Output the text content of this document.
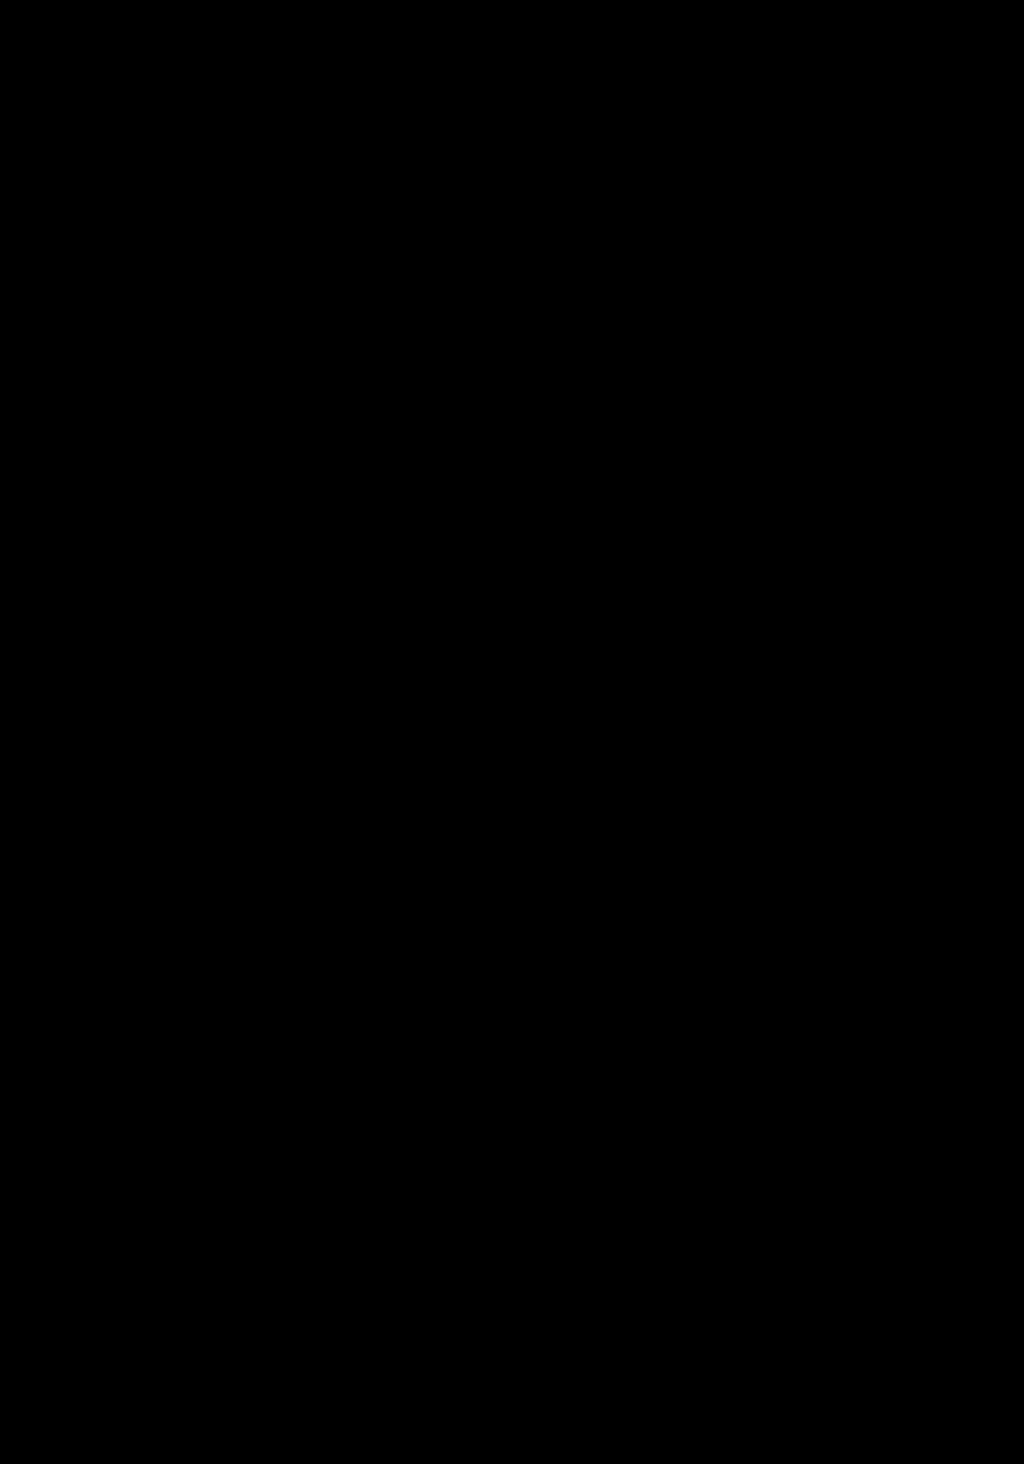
4.1.δ Αντιμετώπιση

Η αντιμετώπιση περιλαμβάνει τη χρήση θεραπευτικών πρωτοκόλλων που καθορίζουν λεπτομερώς το βάθος και τη διάρκεια κάθε σχήματος ανάλογα με την αξιολόγηση των περιστατικών και της πορείας του.

Υπάρχουν βασικά τρεις κατηγορίες θεραπευτικών πρωτοκόλλων. Αυτά που χρησιμοποιούν αέρα, οι πίνακες 02 και οι πίνακες με μίγματα Ν2 Ο2 - He Ο2 κλπ. Ύστερα με βάση αυτά τα θεραπευτικά πρωτόκολλα γίνεται επανασυμπίεση σε καθορισμένο βάθος, ανάλογα με τα συμπτώματα της νόσου και ακολουθεί προγραμματισμένη ελάττωση της πίεσης, ώστε να γίνει προοδευτική αποβολή του αζώτου από το αίμα.

Έχει διαπιστωθεί όμως αξιοσημείωτη αύξηση της ενδοοφθαλμικής πίεσης, ασθενών με ενδοοφθαλμικές φυσαλίδες σαν αποτέλεσμα έκθεσής τους σε υπερβαρικό περιβάλλον. Γι αυτό το λόγο δεν συνιστάται η αντιμετώπισή τους με υπερβαρική θεραπεία.

Η σωτηρία είναι σχεδόν βέβαιη όταν η θεραπεία γίνει σωστά μέσα στο θάλαμο. Η ταχύτητα μεταφοράς του ασθενούς αποτελεί αναμφισβήτητα τον αποφασιστικότερο παράγοντα. Κατά τη μεταφορά ο ασθενής θα πρέπει να μείνει κατακεκλισμένος στην αριστερή πλευρά και θέση ανάτροπο, ώστε ο αέρας που παραμένει στην κυκλοφορία να παγιδευτεί στην κορυφή της αριστερής ή δεξιάς κοιλίας και να απορροφηθεί. Ιδιαίτερη προσοχή απαιτεί η μεταφορά ασθενούς με ελικόπτερο η οποία δεν πρέπει να ξεπερνά τα 300μ. ύψος για να μην επιδεινωθεί η κατάσταση με περαιτέρω διαστολή των φυσαλίδων, λόγω υποβαρικού περιβάλλοντος.

4.1.ε Προφύλαξη, προληπτική αποσυμπίεση

Η άγνοια και αδιαφορία για σχολαστική τήρηση των προφυλακτικών μέτρων εναντίον της νόσου των δυτών, ισοδυναμεί ούτε λίγο ούτε πολύ με αυτοκτονία. Η βαθιά κατάδυση δεν είναι τόλμημα για ένα σωστά εκπαιδευμένο και έμπειρο αυτοδύτη, ο οποίος κατέχει με λεπτομέρεια και εφαρμόζει τις απαραίτητες προϋποθέσεις.

51
